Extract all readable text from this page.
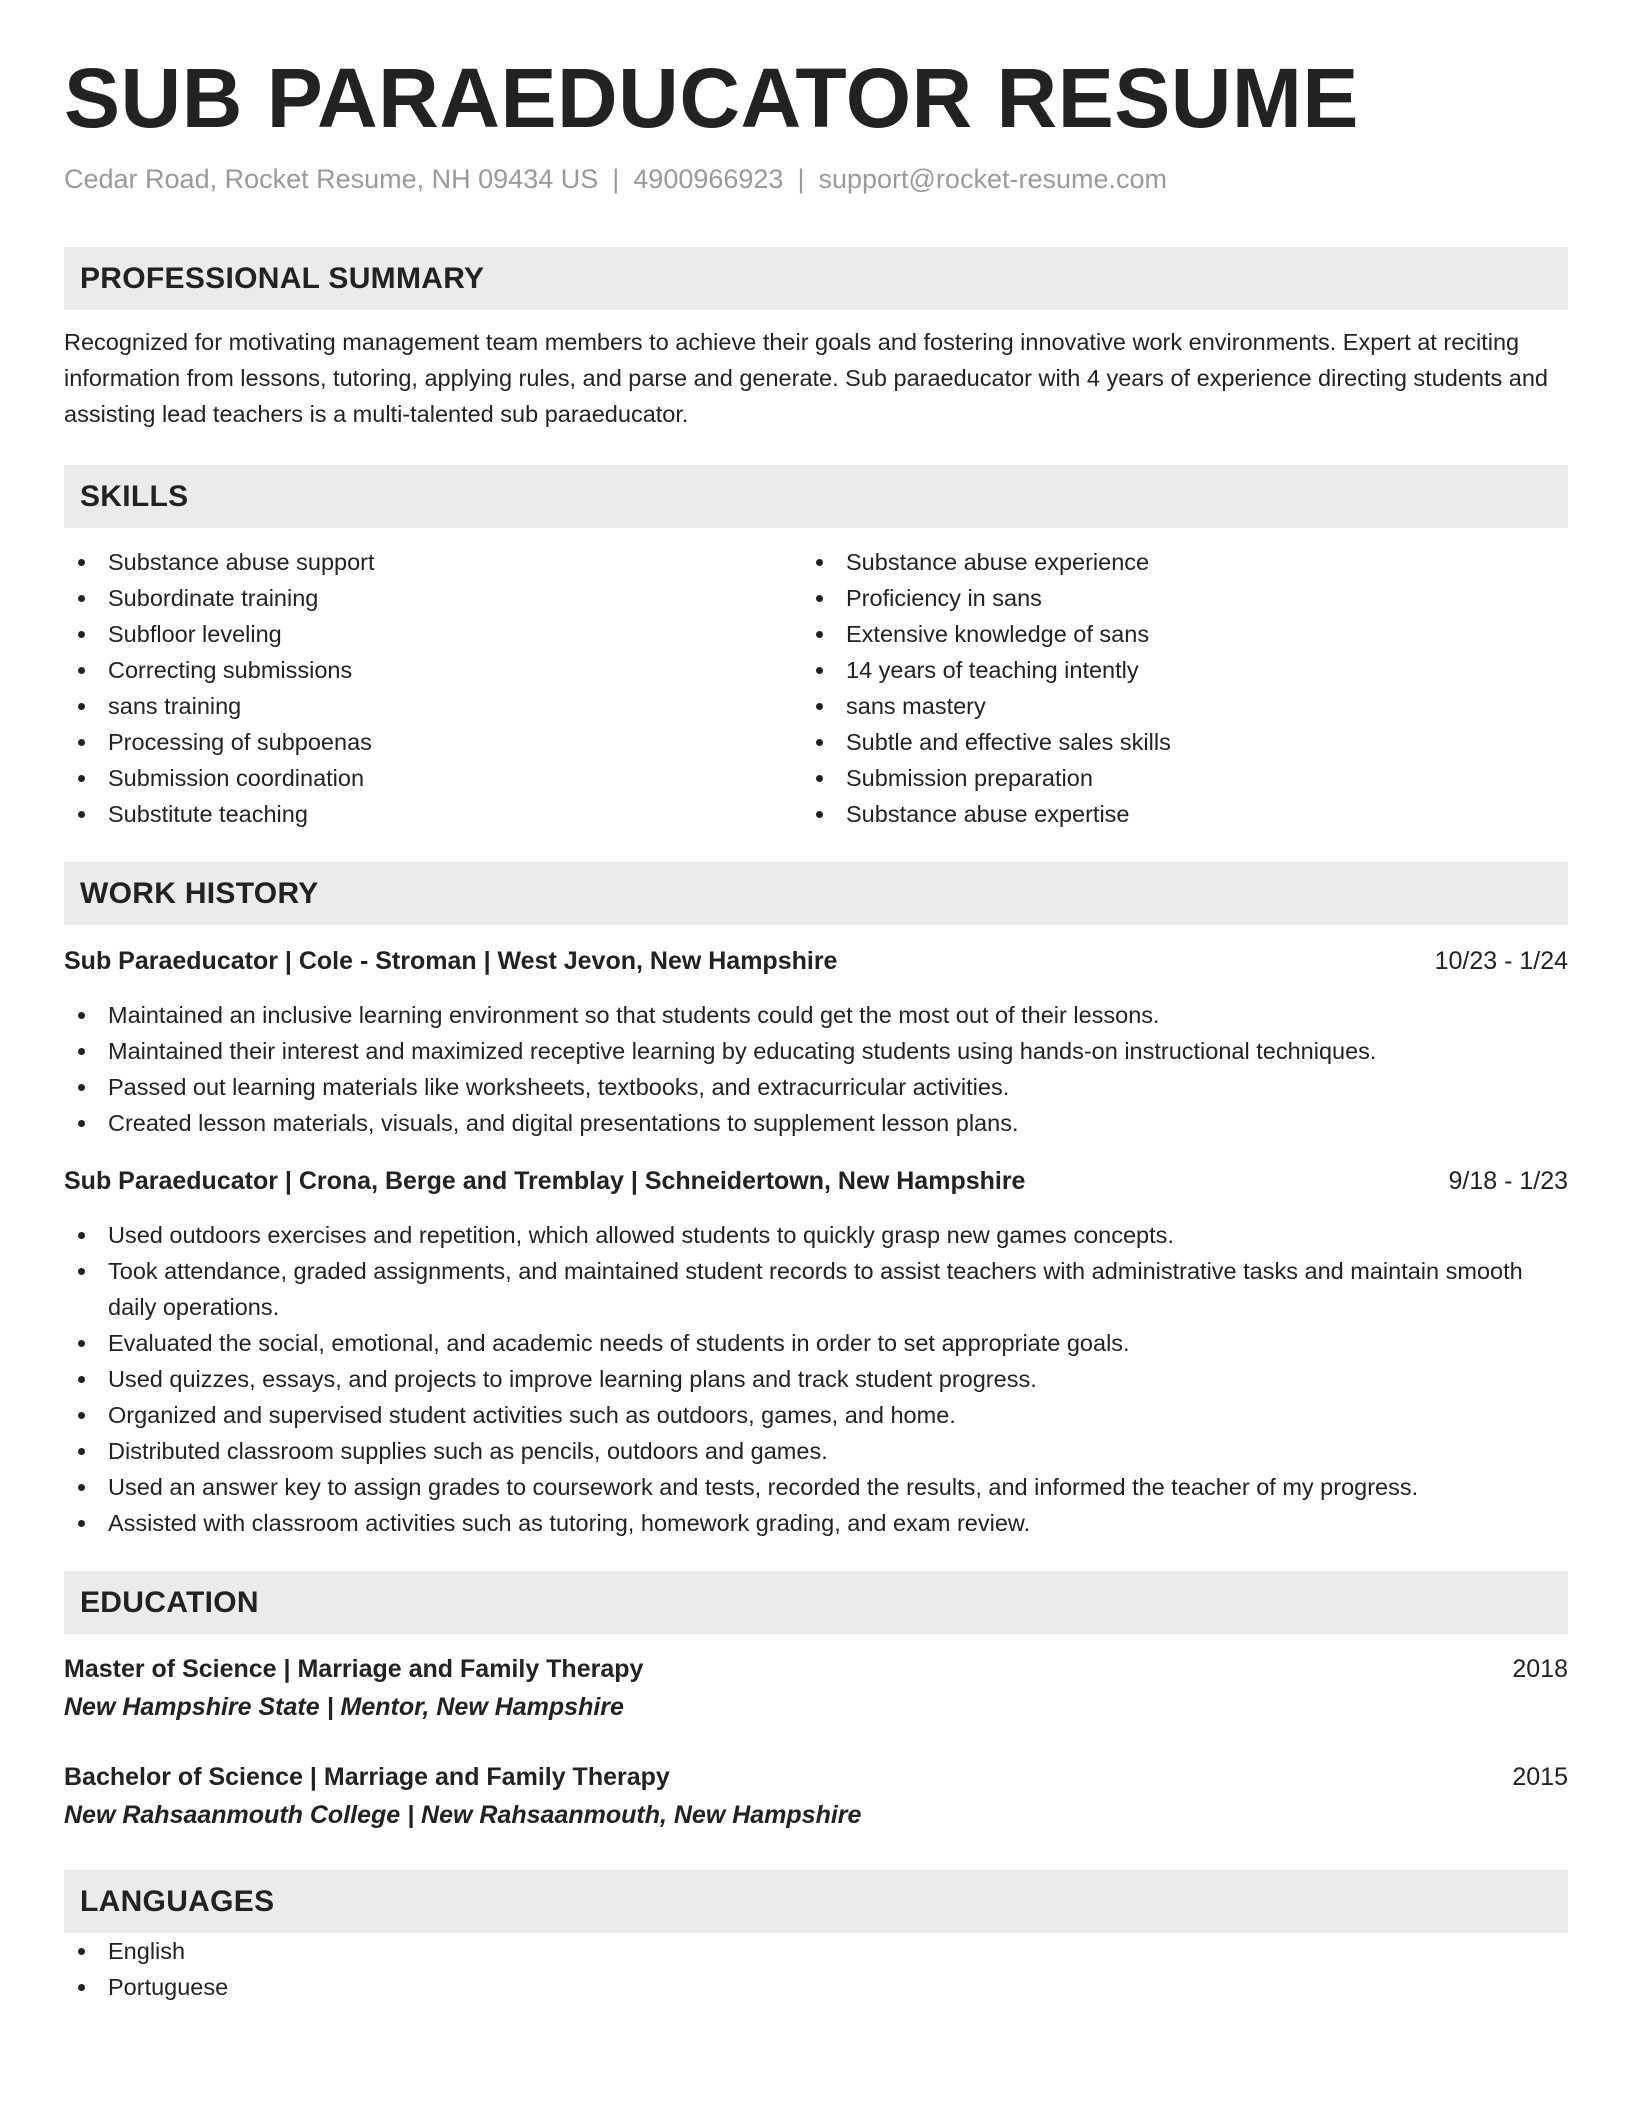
SUB PARAEDUCATOR RESUME
Cedar Road, Rocket Resume, NH 09434 US | 4900966923 | support@rocket-resume.com
PROFESSIONAL SUMMARY
Recognized for motivating management team members to achieve their goals and fostering innovative work environments. Expert at reciting information from lessons, tutoring, applying rules, and parse and generate. Sub paraeducator with 4 years of experience directing students and assisting lead teachers is a multi-talented sub paraeducator.
SKILLS
Substance abuse support
Subordinate training
Subfloor leveling
Correcting submissions
sans training
Processing of subpoenas
Submission coordination
Substitute teaching
Substance abuse experience
Proficiency in sans
Extensive knowledge of sans
14 years of teaching intently
sans mastery
Subtle and effective sales skills
Submission preparation
Substance abuse expertise
WORK HISTORY
Sub Paraeducator | Cole - Stroman | West Jevon, New Hampshire	10/23 - 1/24
Maintained an inclusive learning environment so that students could get the most out of their lessons.
Maintained their interest and maximized receptive learning by educating students using hands-on instructional techniques.
Passed out learning materials like worksheets, textbooks, and extracurricular activities.
Created lesson materials, visuals, and digital presentations to supplement lesson plans.
Sub Paraeducator | Crona, Berge and Tremblay | Schneidertown, New Hampshire	9/18 - 1/23
Used outdoors exercises and repetition, which allowed students to quickly grasp new games concepts.
Took attendance, graded assignments, and maintained student records to assist teachers with administrative tasks and maintain smooth daily operations.
Evaluated the social, emotional, and academic needs of students in order to set appropriate goals.
Used quizzes, essays, and projects to improve learning plans and track student progress.
Organized and supervised student activities such as outdoors, games, and home.
Distributed classroom supplies such as pencils, outdoors and games.
Used an answer key to assign grades to coursework and tests, recorded the results, and informed the teacher of my progress.
Assisted with classroom activities such as tutoring, homework grading, and exam review.
EDUCATION
Master of Science | Marriage and Family Therapy	2018
New Hampshire State | Mentor, New Hampshire
Bachelor of Science | Marriage and Family Therapy	2015
New Rahsaanmouth College | New Rahsaanmouth, New Hampshire
LANGUAGES
English
Portuguese
